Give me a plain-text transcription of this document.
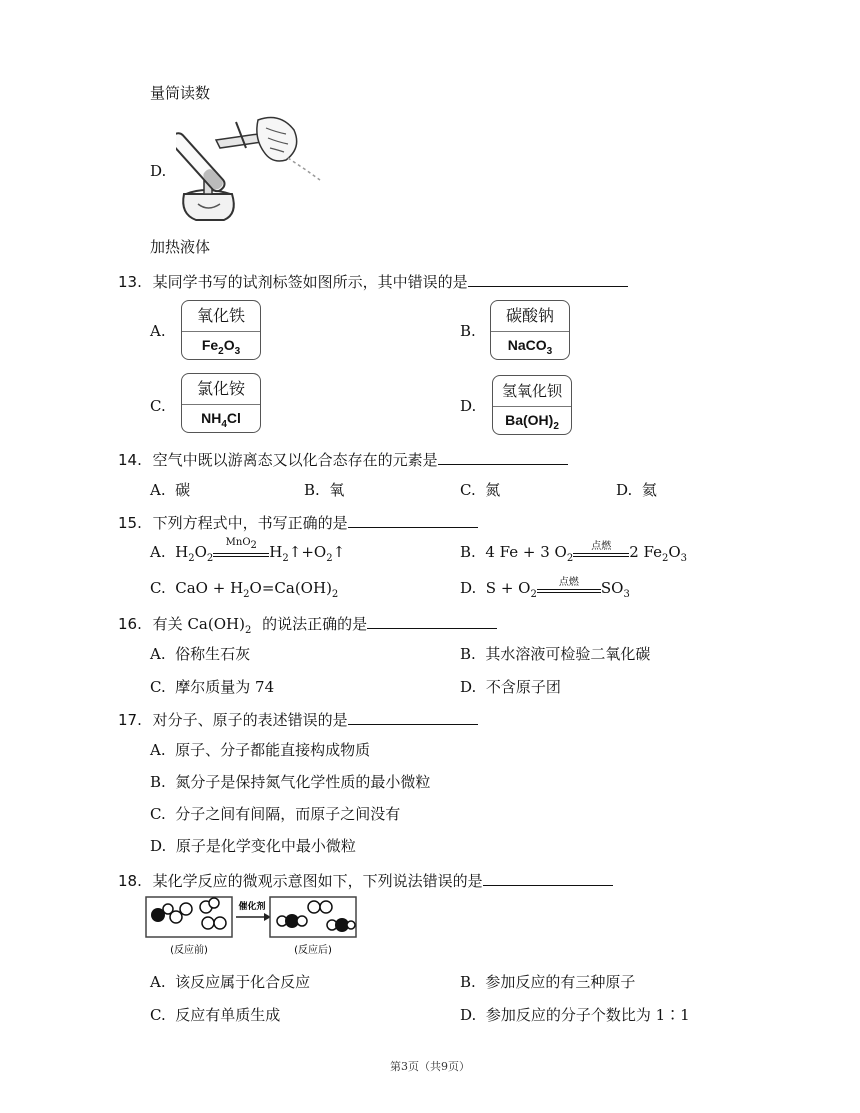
量筒读数
D.
加热液体
13. 某同学书写的试剂标签如图所示，其中错误的是
A.
氧化铁
$Fe_2O_3$
B.
碳酸钠
NaCO$_3$
C.
氯化铵
$NH_4Cl$
D.
氢氧化钡
$Ba(OH)_2$
14. 空气中既以游离态又以化合态存在的元素是
A. 碳	B. 氧	C. 氮	D. 氦
15. 下列方程式中，书写正确的是
A.  $H_2O_2$
MnO$_2$ $H_2↑+O_2↑$	B.  4 Fe + 3 $O_2$
点燃	2 $Fe_2O_3$
C. CaO + $H_2O=Ca(OH)_2$	D.  $S + O_2$
点燃	$SO_3$
16. 有关 $Ca(OH)_2$ 的说法正确的是
A. 俗称生石灰	B. 其水溶液可检验二氧化碳
C. 摩尔质量为 74	D. 不含原子团
17. 对分子、原子的表述错误的是
A. 原子、分子都能直接构成物质
B. 氮分子是保持氮气化学性质的最小微粒
C. 分子之间有间隔，而原子之间没有
D. 原子是化学变化中最小微粒
18. 某化学反应的微观示意图如下，下列说法错误的是
催化剂
(反应前)	(反应后)
A. 该反应属于化合反应	B. 参加反应的有三种原子
C. 反应有单质生成	D. 参加反应的分子个数比为 1∶1
第3页（共9页）
